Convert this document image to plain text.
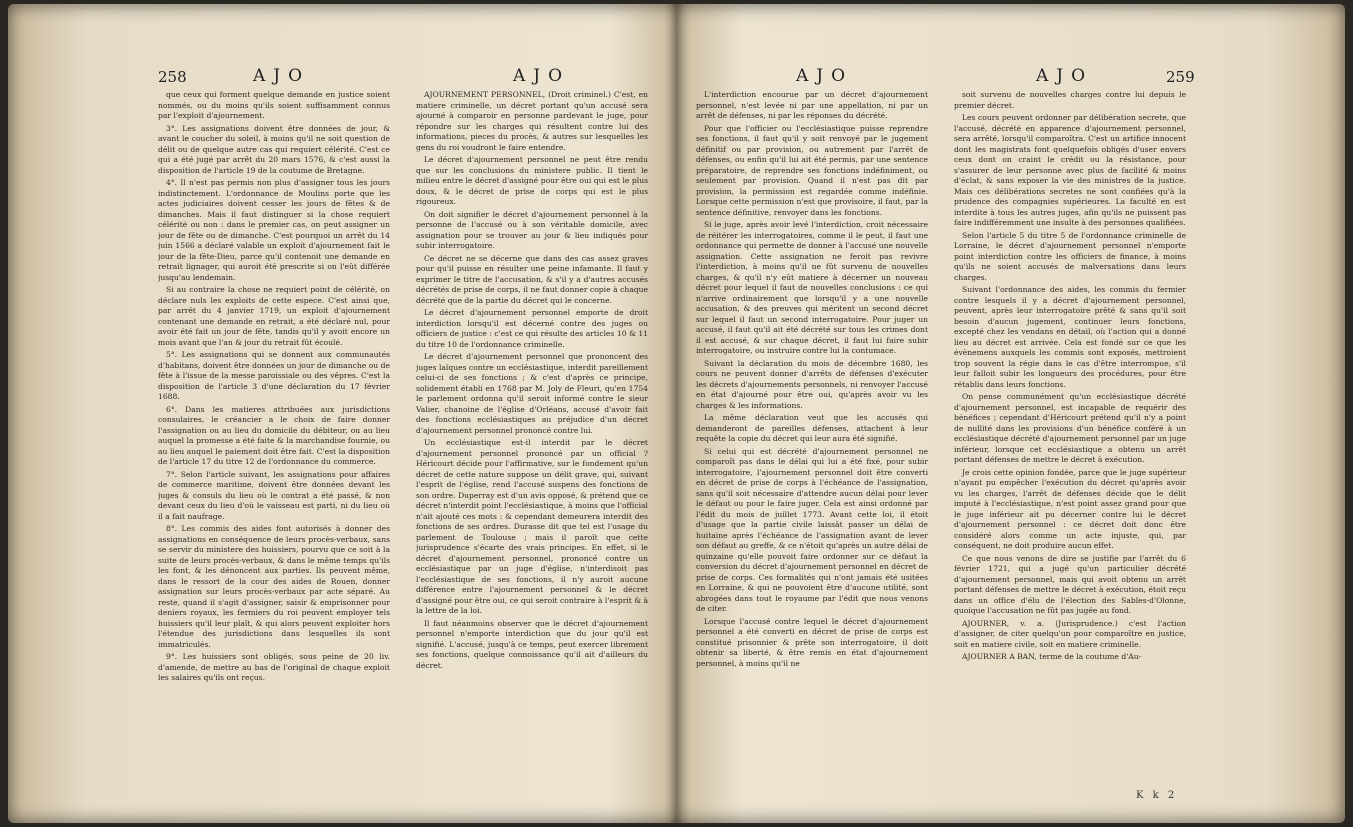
258	AJO	AJO

que ceux qui forment quelque demande en justice soient nommés, ou du moins qu'ils soient suffisamment connus par l'exploit d'ajournement.

3°. Les assignations doivent être données de jour, & avant le coucher du soleil, à moins qu'il ne soit question de délit ou de quelque autre cas qui requiert célérité. C'est ce qui a été jugé par arrêt du 20 mars 1576, & c'est aussi la disposition de l'article 19 de la coutume de Bretagne.

4°. Il n'est pas permis non plus d'assigner tous les jours indistinctement. L'ordonnance de Moulins porte que les actes judiciaires doivent cesser les jours de fêtes & de dimanches. Mais il faut distinguer si la chose requiert célérité ou non : dans le premier cas, on peut assigner un jour de fête ou de dimanche. C'est pourquoi un arrêt du 14 juin 1566 a déclaré valable un exploit d'ajournement fait le jour de la fête-Dieu, parce qu'il contenoit une demande en retrait lignager, qui auroit été prescrite si on l'eût différée jusqu'au lendemain.

Si au contraire la chose ne requiert point de célérité, on déclare nuls les exploits de cette espece. C'est ainsi que, par arrêt du 4 janvier 1719, un exploit d'ajournement contenant une demande en retrait, a été déclaré nul, pour avoir été fait un jour de fête, tandis qu'il y avoit encore un mois avant que l'an & jour du retrait fût écoulé.

5°. Les assignations qui se donnent aux communautés d'habitans, doivent être données un jour de dimanche ou de fête à l'issue de la messe paroissiale ou des vêpres. C'est la disposition de l'article 3 d'une déclaration du 17 février 1688.

6°. Dans les matieres attribuées aux jurisdictions consulaires, le créancier a le choix de faire donner l'assignation ou au lieu du domicile du débiteur, ou au lieu auquel la promesse a été faite & la marchandise fournie, ou au lieu auquel le paiement doit être fait. C'est la disposition de l'article 17 du titre 12 de l'ordonnance du commerce.

7°. Selon l'article suivant, les assignations pour affaires de commerce maritime, doivent être données devant les juges & consuls du lieu où le contrat a été passé, & non devant ceux du lieu d'où le vaisseau est parti, ni du lieu où il a fait naufrage.

8°. Les commis des aides font autorisés à donner des assignations en conséquence de leurs procès-verbaux, sans se servir du ministere des huissiers, pourvu que ce soit à la suite de leurs procès-verbaux, & dans le même temps qu'ils les font, & les dénoncent aux parties. Ils peuvent même, dans le ressort de la cour des aides de Rouen, donner assignation sur leurs procès-verbaux par acte séparé. Au reste, quand il s'agit d'assigner, saisir & emprisonner pour deniers royaux, les fermiers du roi peuvent employer tels huissiers qu'il leur plaît, & qui alors peuvent exploiter hors l'étendue des jurisdictions dans lesquelles ils sont immatriculés.

9°. Les huissiers sont obligés, sous peine de 20 liv. d'amende, de mettre au bas de l'original de chaque exploit les salaires qu'ils ont reçus.

AJOURNEMENT PERSONNEL, (Droit criminel.) C'est, en matiere criminelle, un décret portant qu'un accusé sera ajourné à comparoir en personne pardevant le juge, pour répondre sur les charges qui résultent contre lui des informations, pieces du procès, & autres sur lesquelles les gens du roi voudront le faire entendre.

Le décret d'ajournement personnel ne peut être rendu que sur les conclusions du ministere public. Il tient le milieu entre le décret d'assigné pour être oui qui est le plus doux, & le décret de prise de corps qui est le plus rigoureux.

On doit signifier le décret d'ajournement personnel à la personne de l'accusé ou à son véritable domicile, avec assignation pour se trouver au jour & lieu indiqués pour subir interrogatoire.

Ce décret ne se décerne que dans des cas assez graves pour qu'il puisse en résulter une peine infamante. Il faut y exprimer le titre de l'accusation, & s'il y a d'autres accusés décrétés de prise de corps, il ne faut donner copie à chaque décrété que de la partie du décret qui le concerne.

Le décret d'ajournement personnel emporte de droit interdiction lorsqu'il est décerné contre des juges ou officiers de justice : c'est ce qui résulte des articles 10 & 11 du titre 10 de l'ordonnance criminelle.

Le décret d'ajournement personnel que prononcent des juges laïques contre un ecclésiastique, interdit pareillement celui-ci de ses fonctions ; & c'est d'après ce principe, solidement établi en 1768 par M. Joly de Fleuri, qu'en 1754 le parlement ordonna qu'il seroit informé contre le sieur Valier, chanoine de l'église d'Orléans, accusé d'avoir fait des fonctions ecclésiastiques au préjudice d'un décret d'ajournement personnel prononcé contre lui.

Un ecclésiastique est-il interdit par le décret d'ajournement personnel prononcé par un official ? Héricourt décide pour l'affirmative, sur le fondement qu'un décret de cette nature suppose un délit grave, qui, suivant l'esprit de l'église, rend l'accusé suspens des fonctions de son ordre. Duperray est d'un avis opposé, & prétend que ce décret n'interdit point l'ecclésiastique, à moins que l'official n'ait ajouté ces mots : & cependant demeurera interdit des fonctions de ses ordres. Durasse dit que tel est l'usage du parlement de Toulouse ; mais il paroît que cette jurisprudence s'écarte des vrais principes. En effet, si le décret d'ajournement personnel, prononcé contre un ecclésiastique par un juge d'église, n'interdisoit pas l'ecclésiastique de ses fonctions, il n'y auroit aucune différence entre l'ajournement personnel & le décret d'assigné pour être oui, ce qui seroit contraire à l'esprit & à la lettre de la loi.

Il faut néanmoins observer que le décret d'ajournement personnel n'emporte interdiction que du jour qu'il est signifié. L'accusé, jusqu'à ce temps, peut exercer librement ses fonctions, quelque connoissance qu'il ait d'ailleurs du décret.

AJO	AJO	259

L'interdiction encourue par un décret d'ajournement personnel, n'est levée ni par une appellation, ni par un arrêt de défenses, ni par les réponses du décrété.

Pour que l'officier ou l'ecclésiastique puisse reprendre ses fonctions, il faut qu'il y soit renvoyé par le jugement définitif ou par provision, ou autrement par l'arrêt de défenses, ou enfin qu'il lui ait été permis, par une sentence préparatoire, de reprendre ses fonctions indéfiniment, ou seulement par provision. Quand il n'est pas dit par provision, la permission est regardée comme indéfinie. Lorsque cette permission n'est que provisoire, il faut, par la sentence définitive, renvoyer dans les fonctions.

Si le juge, après avoir levé l'interdiction, croit nécessaire de réitérer les interrogatoires, comme il le peut, il faut une ordonnance qui permette de donner à l'accusé une nouvelle assignation. Cette assignation ne feroit pas revivre l'interdiction, à moins qu'il ne fût survenu de nouvelles charges, & qu'il n'y eût matiere à décerner un nouveau décret pour lequel il faut de nouvelles conclusions : ce qui n'arrive ordinairement que lorsqu'il y a une nouvelle accusation, & des preuves qui méritent un second décret sur lequel il faut un second interrogatoire. Pour juger un accusé, il faut qu'il ait été décrété sur tous les crimes dont il est accusé, & sur chaque décret, il faut lui faire subir interrogatoire, ou instruire contre lui la contumace.

Suivant la déclaration du mois de décembre 1680, les cours ne peuvent donner d'arrêts de défenses d'exécuter les décrets d'ajournements personnels, ni renvoyer l'accusé en état d'ajourné pour être oui, qu'après avoir vu les charges & les informations.

La même déclaration veut que les accusés qui demanderont de pareilles défenses, attachent à leur requête la copie du décret qui leur aura été signifié.

Si celui qui est décrété d'ajournement personnel ne comparoît pas dans le délai qui lui a été fixé, pour subir interrogatoire, l'ajournement personnel doit être converti en décret de prise de corps à l'échéance de l'assignation, sans qu'il soit nécessaire d'attendre aucun délai pour lever le défaut ou pour le faire juger. Cela est ainsi ordonné par l'édit du mois de juillet 1773. Avant cette loi, il étoit d'usage que la partie civile laissât passer un délai de huitaine après l'échéance de l'assignation avant de lever son défaut au greffe, & ce n'étoit qu'après un autre délai de quinzaine qu'elle pouvoit faire ordonner sur ce défaut la conversion du décret d'ajournement personnel en décret de prise de corps. Ces formalités qui n'ont jamais été usitées en Lorraine, & qui ne pouvoient être d'aucune utilité, sont abrogées dans tout le royaume par l'édit que nous venons de citer.

Lorsque l'accusé contre lequel le décret d'ajournement personnel a été converti en décret de prise de corps est constitué prisonnier & prête son interrogatoire, il doit obtenir sa liberté, & être remis en état d'ajournement personnel, à moins qu'il ne

soit survenu de nouvelles charges contre lui depuis le premier décret.

Les cours peuvent ordonner par délibération secrete, que l'accusé, décrété en apparence d'ajournement personnel, sera arrêté, lorsqu'il comparoîtra. C'est un artifice innocent dont les magistrats font quelquefois obligés d'user envers ceux dont on craint le crédit ou la résistance, pour s'assurer de leur personne avec plus de facilité & moins d'éclat, & sans exposer la vie des ministres de la justice. Mais ces délibérations secretes ne sont confiées qu'à la prudence des compagnies supérieures. La faculté en est interdite à tous les autres juges, afin qu'ils ne puissent pas faire indifféremment une insulte à des personnes qualifiées.

Selon l'article 5 du titre 5 de l'ordonnance criminelle de Lorraine, le décret d'ajournement personnel n'emporte point interdiction contre les officiers de finance, à moins qu'ils ne soient accusés de malversations dans leurs charges.

Suivant l'ordonnance des aides, les commis du fermier contre lesquels il y a décret d'ajournement personnel, peuvent, après leur interrogatoire prêté & sans qu'il soit besoin d'aucun jugement, continuer leurs fonctions, excepté chez les vendans en détail, où l'action qui a donné lieu au décret est arrivée. Cela est fondé sur ce que les évènemens auxquels les commis sont exposés, mettroient trop souvent la régie dans le cas d'être interrompue, s'il leur falloit subir les longueurs des procédures, pour être rétablis dans leurs fonctions.

On pense communément qu'un ecclésiastique décrété d'ajournement personnel, est incapable de requérir des bénéfices ; cependant d'Héricourt prétend qu'il n'y a point de nullité dans les provisions d'un bénéfice conféré à un ecclésiastique décrété d'ajournement personnel par un juge inférieur, lorsque cet ecclésiastique a obtenu un arrêt portant défenses de mettre le décret à exécution.

Je crois cette opinion fondée, parce que le juge supérieur n'ayant pu empêcher l'exécution du décret qu'après avoir vu les charges, l'arrêt de défenses décide que le délit imputé à l'ecclésiastique, n'est point assez grand pour que le juge inférieur ait pu décerner contre lui le décret d'ajournement personnel : ce décret doit donc être considéré alors comme un acte injuste, qui, par conséquent, ne doit produire aucun effet.

Ce que nous venons de dire se justifie par l'arrêt du 6 février 1721, qui a jugé qu'un particulier décrété d'ajournement personnel, mais qui avoit obtenu un arrêt portant défenses de mettre le décret à exécution, étoit reçu dans un office d'élu de l'élection des Sables-d'Olonne, quoique l'accusation ne fût pas jugée au fond.

AJOURNER, v. a. (Jurisprudence.) c'est l'action d'assigner, de citer quelqu'un pour comparoître en justice, soit en matiere civile, soit en matiere criminelle.

AJOURNER A BAN, terme de la coutume d'Au-

K k 2
